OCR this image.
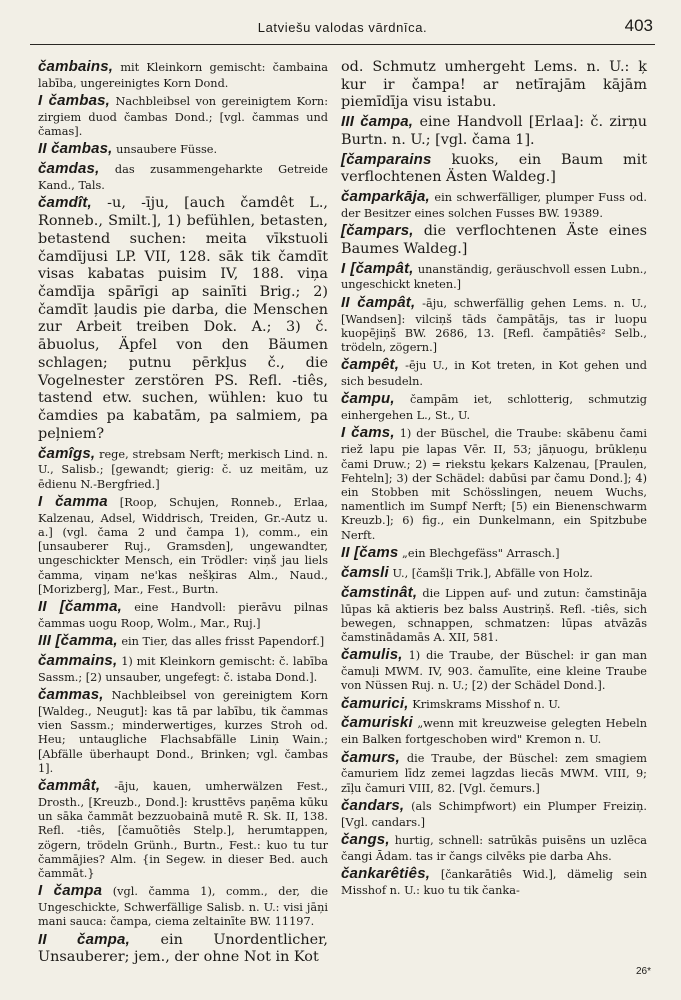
Latviešu valodas vārdnīca.	403

čambains, mit Kleinkorn gemischt: čambaina labība, ungereinigtes Korn Dond.

I čambas, Nachbleibsel von gereinigtem Korn: zirgiem duod čambas Dond.; [vgl. čammas und čamas].

II čambas, unsaubere Füsse.

čamdas, das zusammengeharkte Getreide Kand., Tals.

čamdît, -u, -īju, [auch čamdêt L., Ronneb., Smilt.], 1) befühlen, betasten, betastend suchen: meita vīkstuoli čamdījusi LP. VII, 128. sāk tik čamdīt visas kabatas puisim IV, 188. viņa čamdīja spārīgi ap sainīti Brig.; 2) čamdīt ļaudis pie darba, die Menschen zur Arbeit treiben Dok. A.; 3) č. ābuolus, Äpfel von den Bäumen schlagen; putnu pērkļus č., die Vogelnester zerstören PS. Refl. -tiês, tastend etw. suchen, wühlen: kuo tu čamdies pa kabatām, pa salmiem, pa peļniem?

čamîgs, rege, strebsam Nerft; merkisch Lind. n. U., Salisb.; [gewandt; gierig: č. uz meitām, uz ēdienu N.-Bergfried.]

I čamma [Roop, Schujen, Ronneb., Erlaa, Kalzenau, Adsel, Widdrisch, Treiden, Gr.-Autz u. a.] (vgl. čama 2 und čampa 1), comm., ein [unsauberer Ruj., Gramsden], ungewandter, ungeschickter Mensch, ein Trödler: viņš jau liels čamma, viņam ne'kas nešķiras Alm., Naud., [Morizberg], Mar., Fest., Burtn.

II [čamma, eine Handvoll: pierāvu pilnas čammas uogu Roop, Wolm., Mar., Ruj.]

III [čamma, ein Tier, das alles frisst Papendorf.]

čammains, 1) mit Kleinkorn gemischt: č. labība Sassm.; [2) unsauber, ungefegt: č. istaba Dond.].

čammas, Nachbleibsel von gereinigtem Korn [Waldeg., Neugut]: kas tā par labību, tik čammas vien Sassm.; minderwertiges, kurzes Stroh od. Heu; untaugliche Flachsabfälle Liniņ Wain.; [Abfälle überhaupt Dond., Brinken; vgl. čambas 1].

čammât, -āju, kauen, umherwälzen Fest., Drosth., [Kreuzb., Dond.]: krusttēvs paņēma kūku un sāka čammāt bezzuobainā mutē R. Sk. II, 138. Refl. -tiês, [čamuõtiês Stelp.], herumtappen, zögern, trödeln Grünh., Burtn., Fest.: kuo tu tur čammājies? Alm. {in Segew. in dieser Bed. auch čammāt.}

I čampa (vgl. čamma 1), comm., der, die Ungeschickte, Schwerfällige Salisb. n. U.: visi jāņi mani sauca: čampa, ciema zeltainīte BW. 11197.

II čampa, ein Unordentlicher, Unsauberer; jem., der ohne Not in Kot

od. Schmutz umhergeht Lems. n. U.: ķ kur ir čampa! ar netīrajām kājām piemīdīja visu istabu.

III čampa, eine Handvoll [Erlaa]: č. zirņu Burtn. n. U.; [vgl. čama 1].

[čamparains kuoks, ein Baum mit verflochtenen Ästen Waldeg.]

čamparkāja, ein schwerfälliger, plumper Fuss od. der Besitzer eines solchen Fusses BW. 19389.

[čampars, die verflochtenen Äste eines Baumes Waldeg.]

I [čampât, unanständig, geräuschvoll essen Lubn., ungeschickt kneten.]

II čampât, -āju, schwerfällig gehen Lems. n. U., [Wandsen]: vilciņš tāds čampātājs, tas ir luopu kuopējiņš BW. 2686, 13. [Refl. čampātiês² Selb., trödeln, zögern.]

čampêt, -ēju U., in Kot treten, in Kot gehen und sich besudeln.

čampu, čampām iet, schlotterig, schmutzig einhergehen L., St., U.

I čams, 1) der Büschel, die Traube: skābenu čami riež lapu pie lapas Vēr. II, 53; jāņuogu, brūkleņu čami Druw.; 2) = riekstu ķekars Kalzenau, [Praulen, Fehteln]; 3) der Schädel: dabūsi par čamu Dond.]; 4) ein Stobben mit Schösslingen, neuem Wuchs, namentlich im Sumpf Nerft; [5) ein Bienenschwarm Kreuzb.]; 6) fig., ein Dunkelmann, ein Spitzbube Nerft.

II [čams „ein Blechgefäss" Arrasch.]

čamsli U., [čamšļi Trik.], Abfälle von Holz.

čamstinât, die Lippen auf- und zutun: čamstināja lūpas kā aktieris bez balss Austriņš. Refl. -tiês, sich bewegen, schnappen, schmatzen: lūpas atvāzās čamstinādamās A. XII, 581.

čamulis, 1) die Traube, der Büschel: ir gan man čamuļi MWM. IV, 903. čamulīte, eine kleine Traube von Nüssen Ruj. n. U.; [2) der Schädel Dond.].

čamurici, Krimskrams Misshof n. U.

čamuriski „wenn mit kreuzweise gelegten Hebeln ein Balken fortgeschoben wird" Kremon n. U.

čamurs, die Traube, der Büschel: zem smagiem čamuriem līdz zemei lagzdas liecās MWM. VIII, 9; zīļu čamuri VIII, 82. [Vgl. čemurs.]

čandars, (als Schimpfwort) ein Plumper Freiziņ. [Vgl. candars.]

čangs, hurtig, schnell: satrūkās puisēns un uzlēca čangi Ādam. tas ir čangs cilvēks pie darba Ahs.

čankarêtiês, [čankarātiês Wid.], dämelig sein Misshof n. U.: kuo tu tik čanka-

26*
